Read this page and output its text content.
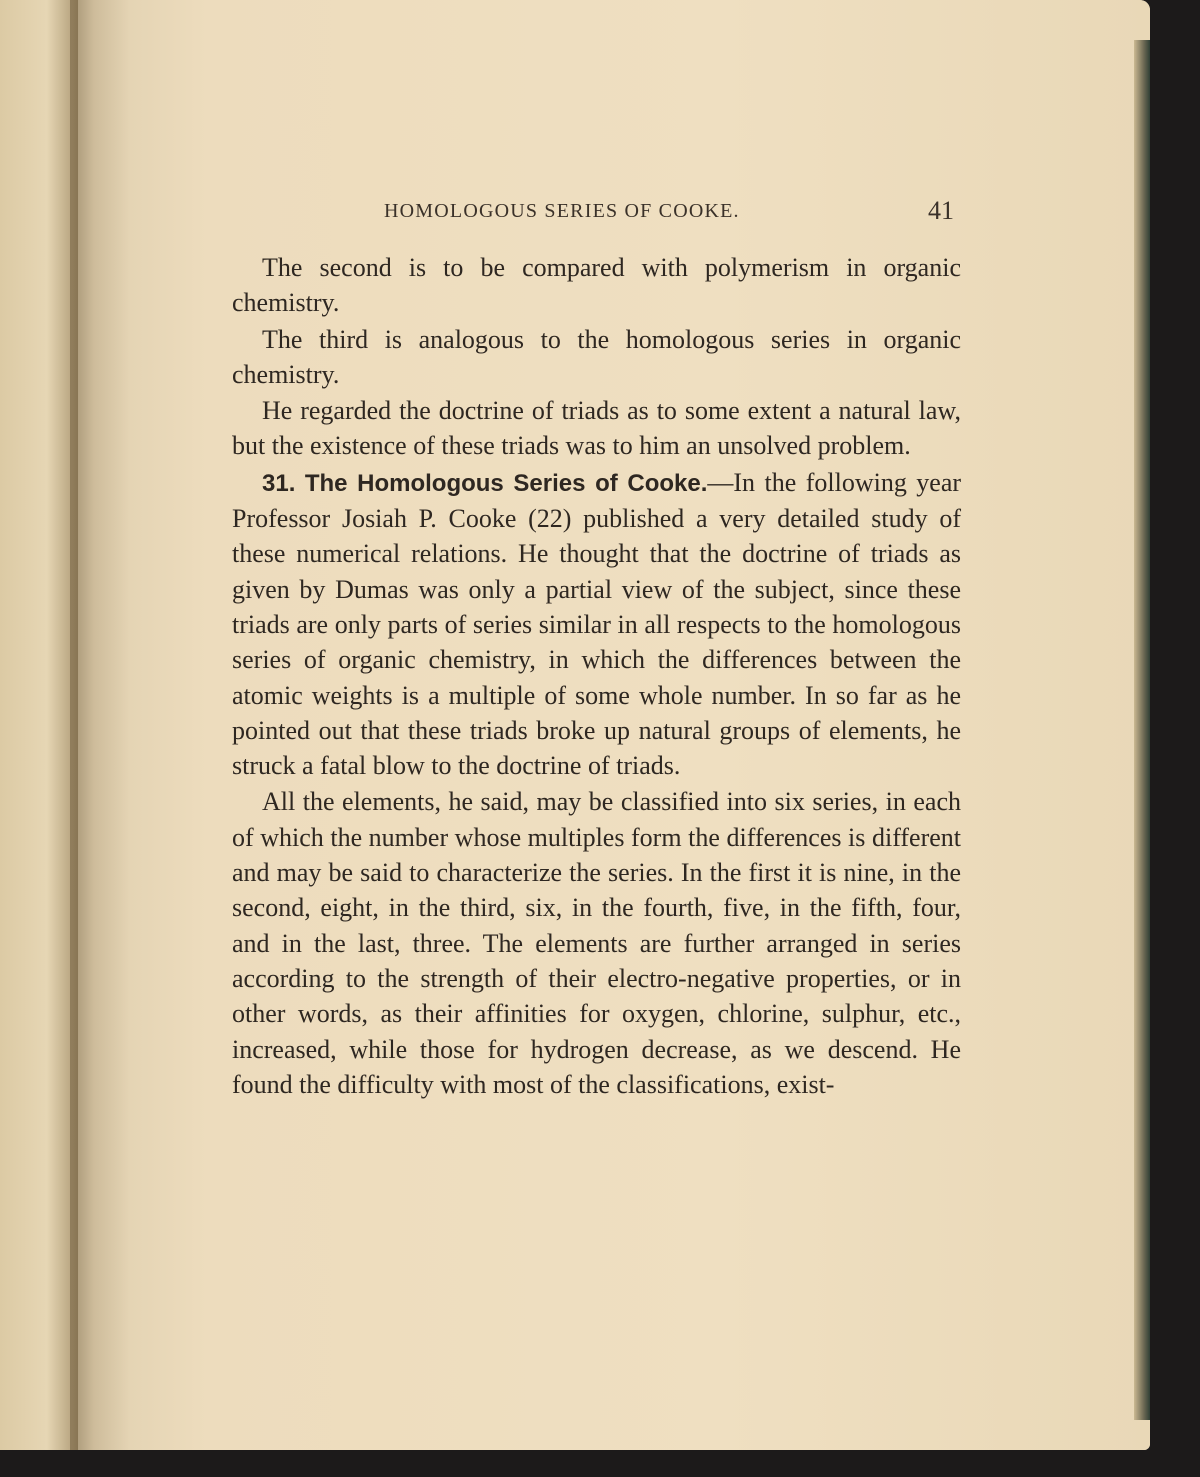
HOMOLOGOUS SERIES OF COOKE.	41

The second is to be compared with polymerism in organic chemistry.

The third is analogous to the homologous series in organic chemistry.

He regarded the doctrine of triads as to some extent a natural law, but the existence of these triads was to him an unsolved problem.

31. The Homologous Series of Cooke.—In the following year Professor Josiah P. Cooke (22) published a very detailed study of these numerical relations. He thought that the doctrine of triads as given by Dumas was only a partial view of the subject, since these triads are only parts of series similar in all respects to the homologous series of organic chemistry, in which the differences between the atomic weights is a multiple of some whole number. In so far as he pointed out that these triads broke up natural groups of elements, he struck a fatal blow to the doctrine of triads.

All the elements, he said, may be classified into six series, in each of which the number whose multiples form the differences is different and may be said to characterize the series. In the first it is nine, in the second, eight, in the third, six, in the fourth, five, in the fifth, four, and in the last, three. The elements are further arranged in series according to the strength of their electro-negative properties, or in other words, as their affinities for oxygen, chlorine, sulphur, etc., increased, while those for hydrogen decrease, as we descend. He found the difficulty with most of the classifications, exist-
